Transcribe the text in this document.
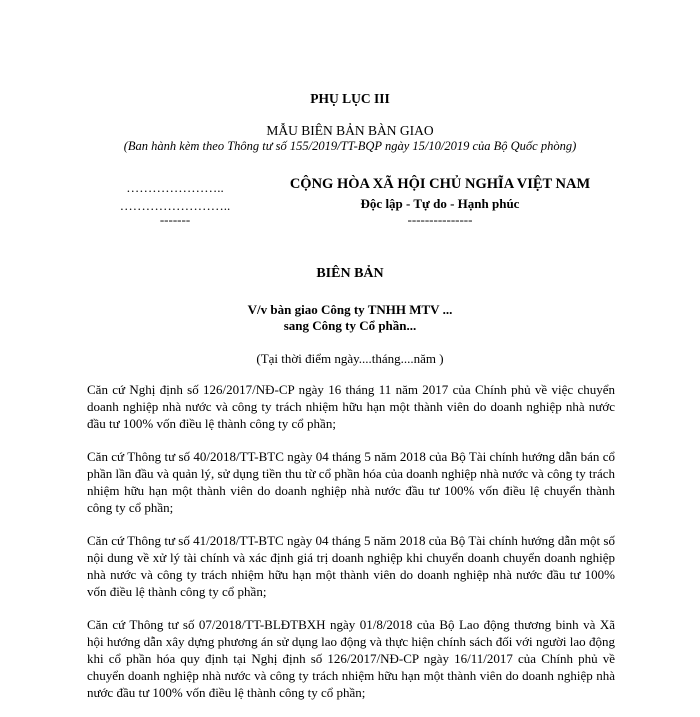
PHỤ LỤC III
MẪU BIÊN BẢN BÀN GIAO
(Ban hành kèm theo Thông tư số 155/2019/TT-BQP ngày 15/10/2019 của Bộ Quốc phòng)
…………………..
……………………..
-------
CỘNG HÒA XÃ HỘI CHỦ NGHĨA VIỆT NAM
Độc lập - Tự do - Hạnh phúc
---------------
BIÊN BẢN
V/v bàn giao Công ty TNHH MTV ...
sang Công ty Cổ phần...
(Tại thời điểm ngày....tháng....năm )

Căn cứ Nghị định số 126/2017/NĐ-CP ngày 16 tháng 11 năm 2017 của Chính phủ về việc chuyển doanh nghiệp nhà nước và công ty trách nhiệm hữu hạn một thành viên do doanh nghiệp nhà nước đầu tư 100% vốn điều lệ thành công ty cổ phần;

Căn cứ Thông tư số 40/2018/TT-BTC ngày 04 tháng 5 năm 2018 của Bộ Tài chính hướng dẫn bán cổ phần lần đầu và quản lý, sử dụng tiền thu từ cổ phần hóa của doanh nghiệp nhà nước và công ty trách nhiệm hữu hạn một thành viên do doanh nghiệp nhà nước đầu tư 100% vốn điều lệ chuyển thành công ty cổ phần;

Căn cứ Thông tư số 41/2018/TT-BTC ngày 04 tháng 5 năm 2018 của Bộ Tài chính hướng dẫn một số nội dung về xử lý tài chính và xác định giá trị doanh nghiệp khi chuyển doanh chuyển doanh nghiệp nhà nước và công ty trách nhiệm hữu hạn một thành viên do doanh nghiệp nhà nước đầu tư 100% vốn điều lệ thành công ty cổ phần;

Căn cứ Thông tư số 07/2018/TT-BLĐTBXH ngày 01/8/2018 của Bộ Lao động thương binh và Xã hội hướng dẫn xây dựng phương án sử dụng lao động và thực hiện chính sách đối với người lao động khi cổ phần hóa quy định tại Nghị định số 126/2017/NĐ-CP ngày 16/11/2017 của Chính phủ về chuyển doanh nghiệp nhà nước và công ty trách nhiệm hữu hạn một thành viên do doanh nghiệp nhà nước đầu tư 100% vốn điều lệ thành công ty cổ phần;
